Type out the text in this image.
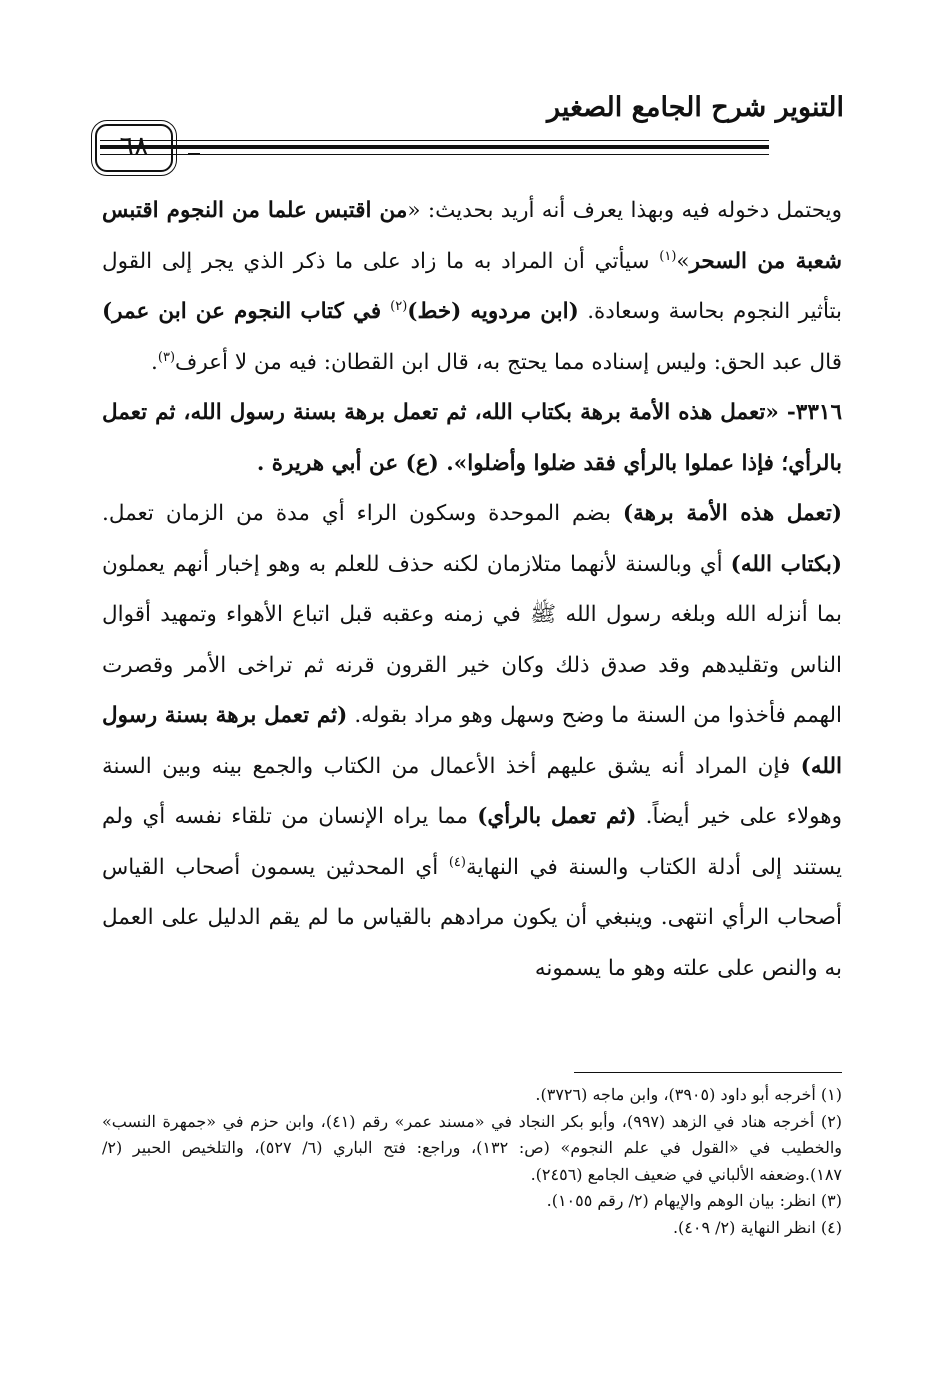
التنوير شرح الجامع الصغير
٦٨

ويحتمل دخوله فيه وبهذا يعرف أنه أريد بحديث: «من اقتبس علما من النجوم اقتبس شعبة من السحر»$^{(١)}$ سيأتي أن المراد به ما زاد على ما ذكر الذي يجر إلى القول بتأثير النجوم بحاسة وسعادة. (ابن مردويه (خط)$^{(٢)}$ في كتاب النجوم عن ابن عمر) قال عبد الحق: وليس إسناده مما يحتج به، قال ابن القطان: فيه من لا أعرف$^{(٣)}$.

٣٣١٦- «تعمل هذه الأمة برهة بكتاب الله، ثم تعمل برهة بسنة رسول الله، ثم تعمل بالرأي؛ فإذا عملوا بالرأي فقد ضلوا وأضلوا». (ع) عن أبي هريرة .

(تعمل هذه الأمة برهة) بضم الموحدة وسكون الراء أي مدة من الزمان تعمل. (بكتاب الله) أي وبالسنة لأنهما متلازمان لكنه حذف للعلم به وهو إخبار أنهم يعملون بما أنزله الله وبلغه رسول الله ﷺ في زمنه وعقبه قبل اتباع الأهواء وتمهيد أقوال الناس وتقليدهم وقد صدق ذلك وكان خير القرون قرنه ثم تراخى الأمر وقصرت الهمم فأخذوا من السنة ما وضح وسهل وهو مراد بقوله. (ثم تعمل برهة بسنة رسول الله) فإن المراد أنه يشق عليهم أخذ الأعمال من الكتاب والجمع بينه وبين السنة وهولاء على خير أيضاً. (ثم تعمل بالرأي) مما يراه الإنسان من تلقاء نفسه أي ولم يستند إلى أدلة الكتاب والسنة في النهاية$^{(٤)}$ أي المحدثين يسمون أصحاب القياس أصحاب الرأي انتهى. وينبغي أن يكون مرادهم بالقياس ما لم يقم الدليل على العمل به والنص على علته وهو ما يسمونه

(١) أخرجه أبو داود (٣٩٠٥)، وابن ماجه (٣٧٢٦).

(٢) أخرجه هناد في الزهد (٩٩٧)، وأبو بكر النجاد في «مسند عمر» رقم (٤١)، وابن حزم في «جمهرة النسب» والخطيب في «القول في علم النجوم» (ص: ١٣٢)، وراجع: فتح الباري (٦/ ٥٢٧)، والتلخيص الحبير (٢/ ١٨٧).وضعفه الألباني في ضعيف الجامع (٢٤٥٦).

(٣) انظر: بيان الوهم والإيهام (٢/ رقم ١٠٥٥).

(٤) انظر النهاية (٢/ ٤٠٩).
